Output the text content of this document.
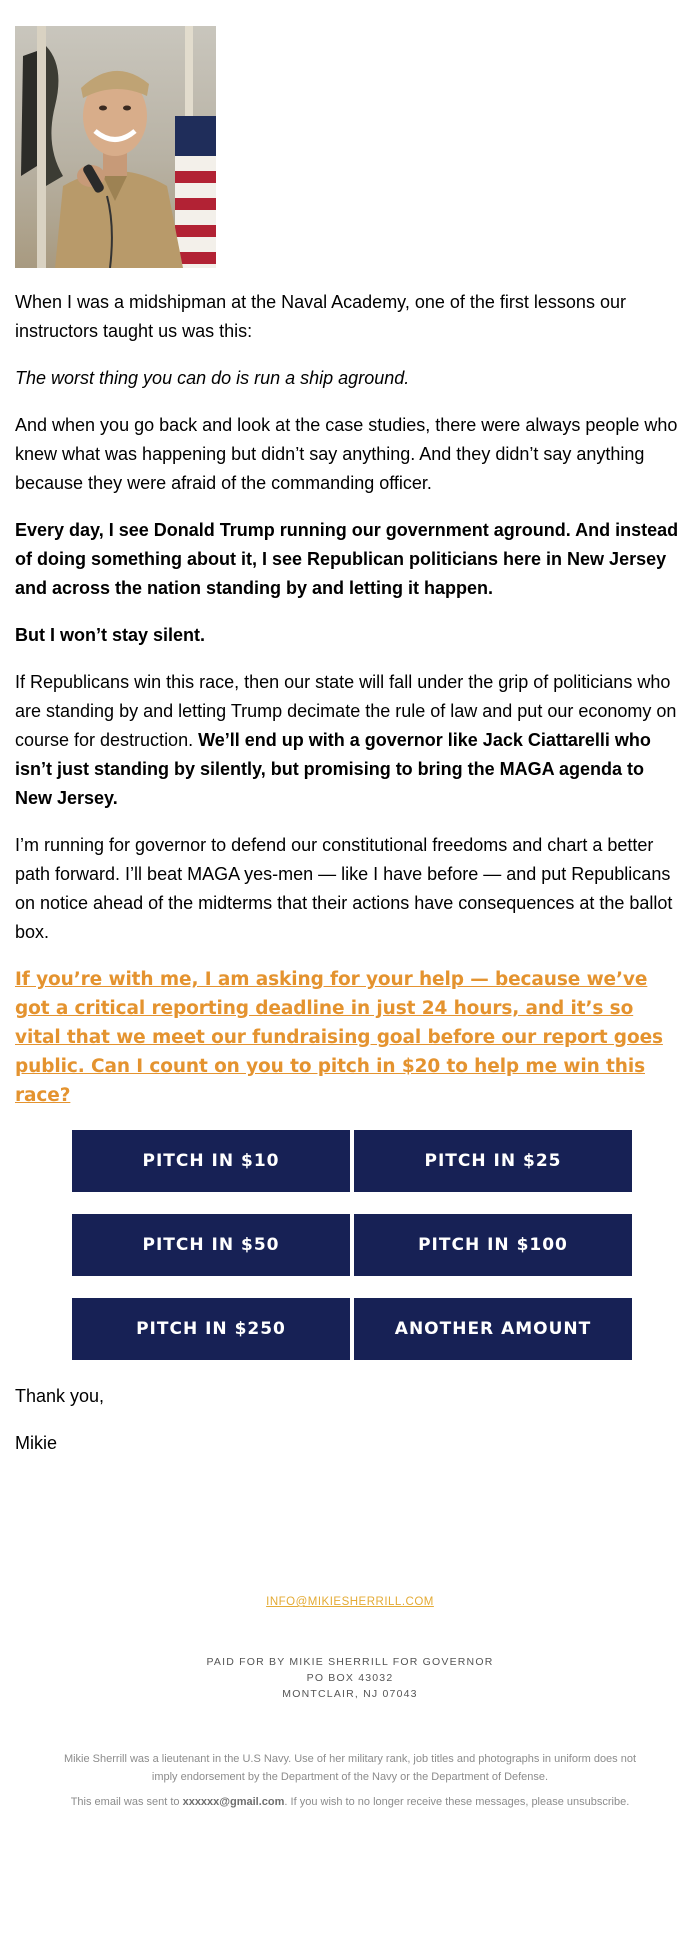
When I was a midshipman at the Naval Academy, one of the first lessons our instructors taught us was this:

The worst thing you can do is run a ship aground.

And when you go back and look at the case studies, there were always people who knew what was happening but didn’t say anything. And they didn’t say anything because they were afraid of the commanding officer.

Every day, I see Donald Trump running our government aground. And instead of doing something about it, I see Republican politicians here in New Jersey and across the nation standing by and letting it happen.

But I won’t stay silent.

If Republicans win this race, then our state will fall under the grip of politicians who are standing by and letting Trump decimate the rule of law and put our economy on course for destruction. We’ll end up with a governor like Jack Ciattarelli who isn’t just standing by silently, but promising to bring the MAGA agenda to New Jersey.

I’m running for governor to defend our constitutional freedoms and chart a better path forward. I’ll beat MAGA yes-men — like I have before — and put Republicans on notice ahead of the midterms that their actions have consequences at the ballot box.

If you’re with me, I am asking for your help — because we’ve got a critical reporting deadline in just 24 hours, and it’s so vital that we meet our fundraising goal before our report goes public. Can I count on you to pitch in $20 to help me win this race?
PITCH IN $10	PITCH IN $25
PITCH IN $50	PITCH IN $100
PITCH IN $250	ANOTHER AMOUNT

Thank you,

Mikie

INFO@MIKIESHERRILL.COM
PAID FOR BY MIKIE SHERRILL FOR GOVERNOR
PO BOX 43032
MONTCLAIR, NJ 07043
Mikie Sherrill was a lieutenant in the U.S Navy. Use of her military rank, job titles and photographs in uniform does not imply endorsement by the Department of the Navy or the Department of Defense.
This email was sent to xxxxxx@gmail.com. If you wish to no longer receive these messages, please unsubscribe.
